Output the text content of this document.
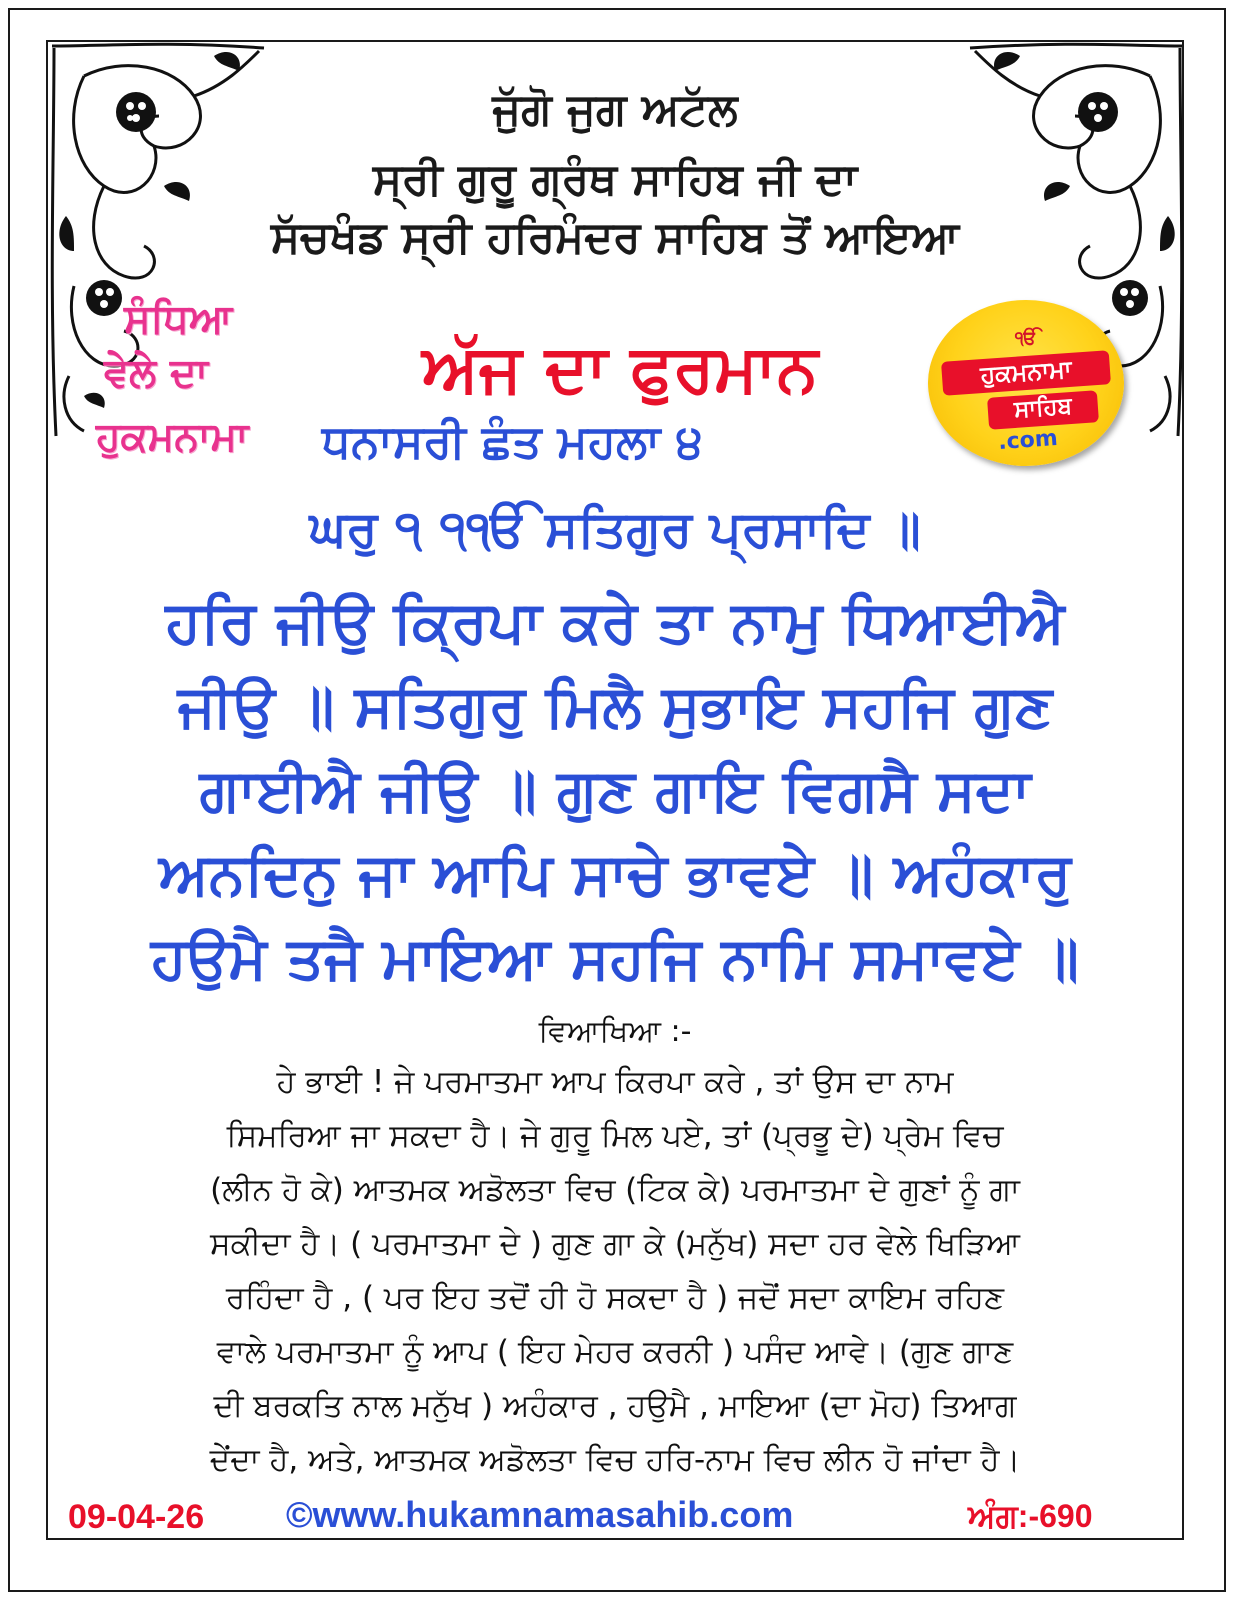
ਜੁੱਗੋ ਜੁਗ ਅਟੱਲ
ਸ੍ਰੀ ਗੁਰੂ ਗ੍ਰੰਥ ਸਾਹਿਬ ਜੀ ਦਾ
ਸੱਚਖੰਡ ਸ੍ਰੀ ਹਰਿਮੰਦਰ ਸਾਹਿਬ ਤੋਂ ਆਇਆ
ਸੰਧਿਆ
ਵੇਲੇ ਦਾ
ਹੁਕਮਨਾਮਾ
ਅੱਜ ਦਾ ਫੁਰਮਾਨ	ੴ
ਹੁਕਮਨਾਮਾ
ਸਾਹਿਬ
.com
ਧਨਾਸਰੀ ਛੰਤ ਮਹਲਾ ੪
ਘਰੁ ੧ ੧ੴ ਸਤਿਗੁਰ ਪ੍ਰਸਾਦਿ ॥
ਹਰਿ ਜੀਉ ਕ੍ਰਿਪਾ ਕਰੇ ਤਾ ਨਾਮੁ ਧਿਆਈਐ
ਜੀਉ ॥ ਸਤਿਗੁਰੁ ਮਿਲੈ ਸੁਭਾਇ ਸਹਜਿ ਗੁਣ
ਗਾਈਐ ਜੀਉ ॥ ਗੁਣ ਗਾਇ ਵਿਗਸੈ ਸਦਾ
ਅਨਦਿਨੁ ਜਾ ਆਪਿ ਸਾਚੇ ਭਾਵਏ ॥ ਅਹੰਕਾਰੁ
ਹਉਮੈ ਤਜੈ ਮਾਇਆ ਸਹਜਿ ਨਾਮਿ ਸਮਾਵਏ ॥
ਵਿਆਖਿਆ :-
ਹੇ ਭਾਈ ! ਜੇ ਪਰਮਾਤਮਾ ਆਪ ਕਿਰਪਾ ਕਰੇ , ਤਾਂ ਉਸ ਦਾ ਨਾਮ
ਸਿਮਰਿਆ ਜਾ ਸਕਦਾ ਹੈ। ਜੇ ਗੁਰੂ ਮਿਲ ਪਏ, ਤਾਂ (ਪ੍ਰਭੂ ਦੇ) ਪ੍ਰੇਮ ਵਿਚ
(ਲੀਨ ਹੋ ਕੇ) ਆਤਮਕ ਅਡੋਲਤਾ ਵਿਚ (ਟਿਕ ਕੇ) ਪਰਮਾਤਮਾ ਦੇ ਗੁਣਾਂ ਨੂੰ ਗਾ
ਸਕੀਦਾ ਹੈ। ( ਪਰਮਾਤਮਾ ਦੇ ) ਗੁਣ ਗਾ ਕੇ (ਮਨੁੱਖ) ਸਦਾ ਹਰ ਵੇਲੇ ਖਿੜਿਆ
ਰਹਿੰਦਾ ਹੈ , ( ਪਰ ਇਹ ਤਦੋਂ ਹੀ ਹੋ ਸਕਦਾ ਹੈ ) ਜਦੋਂ ਸਦਾ ਕਾਇਮ ਰਹਿਣ
ਵਾਲੇ ਪਰਮਾਤਮਾ ਨੂੰ ਆਪ ( ਇਹ ਮੇਹਰ ਕਰਨੀ ) ਪਸੰਦ ਆਵੇ। (ਗੁਣ ਗਾਣ
ਦੀ ਬਰਕਤਿ ਨਾਲ ਮਨੁੱਖ ) ਅਹੰਕਾਰ , ਹਉਮੈ , ਮਾਇਆ (ਦਾ ਮੋਹ) ਤਿਆਗ
ਦੇਂਦਾ ਹੈ, ਅਤੇ, ਆਤਮਕ ਅਡੋਲਤਾ ਵਿਚ ਹਰਿ-ਨਾਮ ਵਿਚ ਲੀਨ ਹੋ ਜਾਂਦਾ ਹੈ।
09-04-26 ©www.hukamnamasahib.com	ਅੰਗ:-690
